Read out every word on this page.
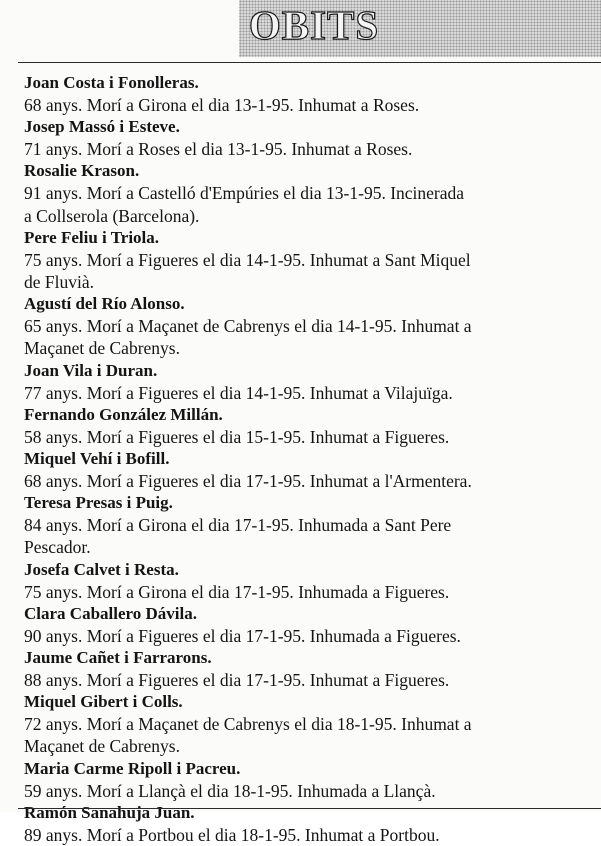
OBITS
Joan Costa i Fonolleras.
68 anys. Morí a Girona el dia 13-1-95. Inhumat a Roses.
Josep Massó i Esteve.
71 anys. Morí a Roses el dia 13-1-95. Inhumat a Roses.
Rosalie Krason.
91 anys. Morí a Castelló d'Empúries el dia 13-1-95. Incinerada
a Collserola (Barcelona).
Pere Feliu i Triola.
75 anys. Morí a Figueres el dia 14-1-95. Inhumat a Sant Miquel
de Fluvià.
Agustí del Río Alonso.
65 anys. Morí a Maçanet de Cabrenys el dia 14-1-95. Inhumat a
Maçanet de Cabrenys.
Joan Vila i Duran.
77 anys. Morí a Figueres el dia 14-1-95. Inhumat a Vilajuïga.
Fernando González Millán.
58 anys. Morí a Figueres el dia 15-1-95. Inhumat a Figueres.
Miquel Vehí i Bofill.
68 anys. Morí a Figueres el dia 17-1-95. Inhumat a l'Armentera.
Teresa Presas i Puig.
84 anys. Morí a Girona el dia 17-1-95. Inhumada a Sant Pere
Pescador.
Josefa Calvet i Resta.
75 anys. Morí a Girona el dia 17-1-95. Inhumada a Figueres.
Clara Caballero Dávila.
90 anys. Morí a Figueres el dia 17-1-95. Inhumada a Figueres.
Jaume Cañet i Farrarons.
88 anys. Morí a Figueres el dia 17-1-95. Inhumat a Figueres.
Miquel Gibert i Colls.
72 anys. Morí a Maçanet de Cabrenys el dia 18-1-95. Inhumat a
Maçanet de Cabrenys.
Maria Carme Ripoll i Pacreu.
59 anys. Morí a Llançà el dia 18-1-95. Inhumada a Llançà.
Ramón Sanahuja Juan.
89 anys. Morí a Portbou el dia 18-1-95. Inhumat a Portbou.
